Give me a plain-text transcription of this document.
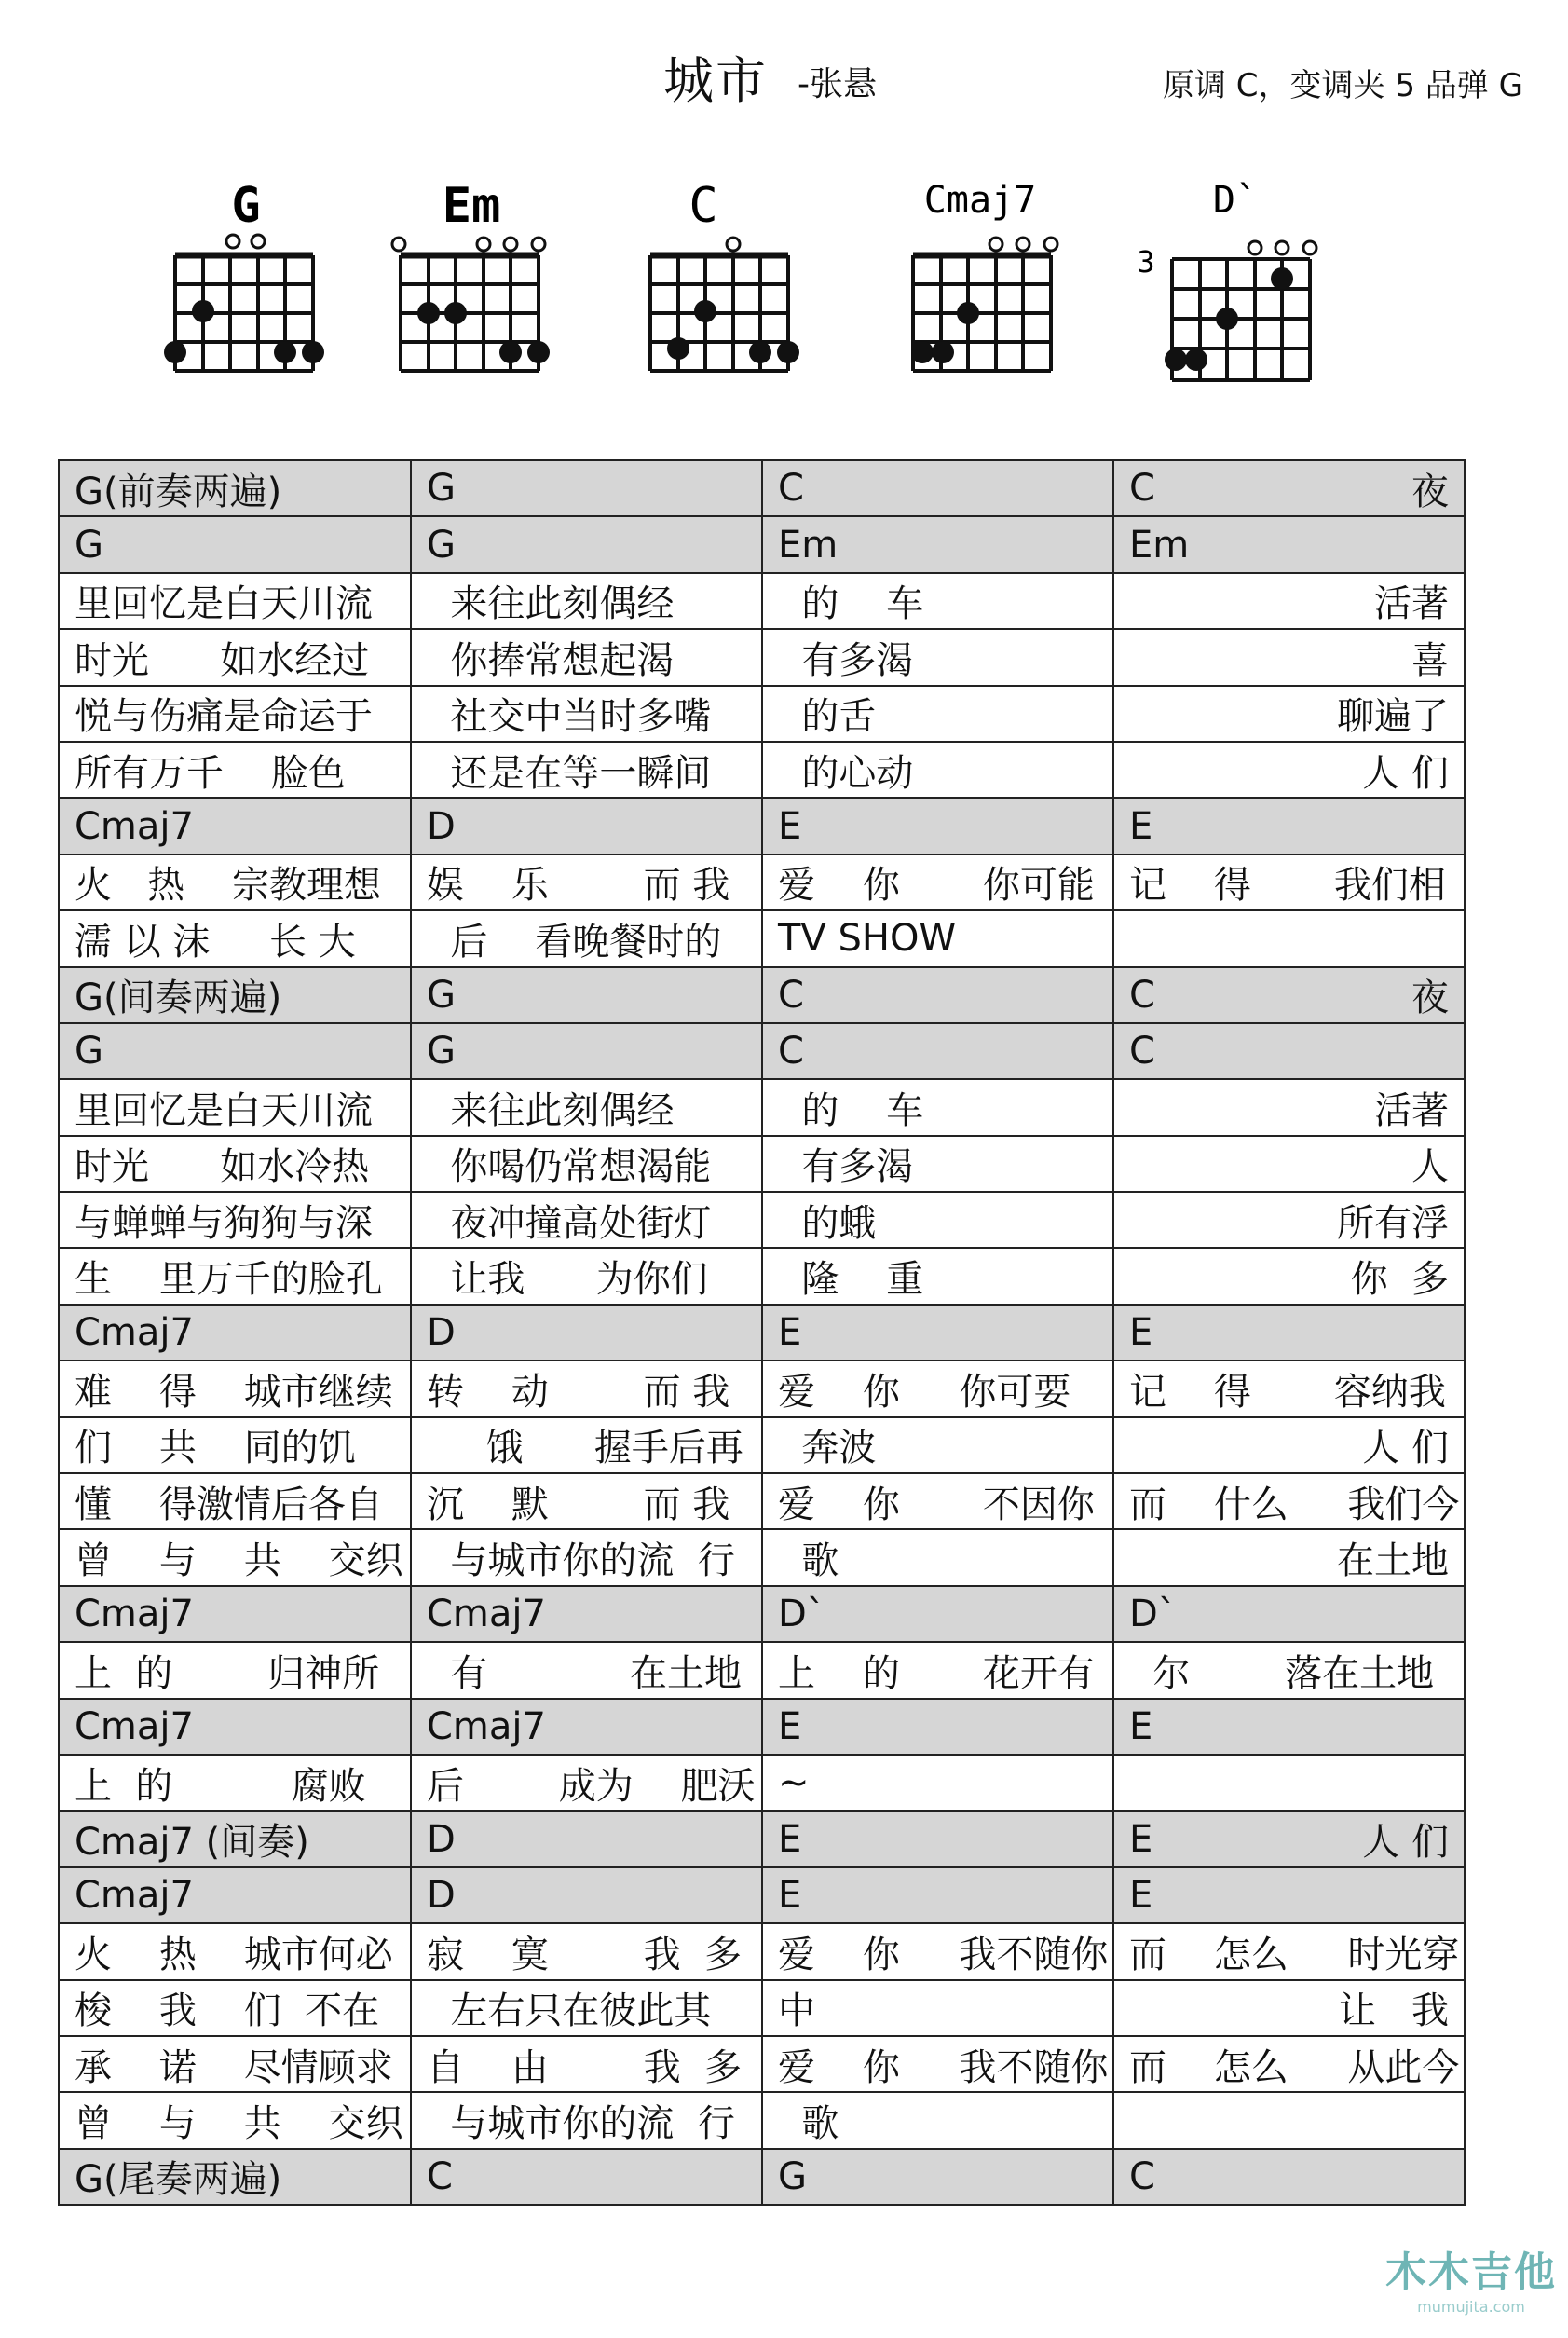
城市 -张悬	原调 C，变调夹 5 品弹 G
G	Em	C	Cmaj7	D`
3
G(前奏两遍)	G	C	C 夜

G	G	Em	Em
里回忆是白天川流	来往此刻偶经	的    车	活著
时光      如水经过	你捧常想起渴	有多渴	喜
悦与伤痛是命运于	社交中当时多嘴	的舌	聊遍了
所有万千    脸色	还是在等一瞬间	的心动	人 们
Cmaj7	D	E	E
火   热    宗教理想	娱    乐        而 我	爱    你       你可能	记    得       我们相
濡 以 沫     长 大	后    看晚餐时的	TV SHOW	
G(间奏两遍)	G	C	C 夜

G	G	C	C
里回忆是白天川流	来往此刻偶经	的    车	活著
时光      如水冷热	你喝仍常想渴能	有多渴	人
与蝉蝉与狗狗与深	夜冲撞高处街灯	的蛾	所有浮
生    里万千的脸孔	让我      为你们	隆    重	你  多
Cmaj7	D	E	E
难    得    城市继续	转    动        而 我	爱    你     你可要	记    得       容纳我
们    共    同的饥	饿      握手后再	奔波	人 们
懂    得激情后各自	沉    默        而 我	爱    你       不因你	而    什么     我们今
曾    与    共    交织	与城市你的流  行	歌	在土地
Cmaj7	Cmaj7	D`	D`
上  的        归神所	有            在土地	上    的       花开有	尔        落在土地
Cmaj7	Cmaj7	E	E
上  的          腐败	后        成为    肥沃	~	
Cmaj7 (间奏)	D	E	E 人 们

Cmaj7	D	E	E
火    热    城市何必	寂    寞        我  多	爱    你     我不随你	而    怎么     时光穿
梭    我    们  不在	左右只在彼此其	中	让   我
承    诺    尽情顾求	自    由        我  多	爱    你     我不随你	而    怎么     从此今
曾    与    共    交织	与城市你的流  行	歌	
G(尾奏两遍)	C	G	C
木木吉他
mumujita.com
